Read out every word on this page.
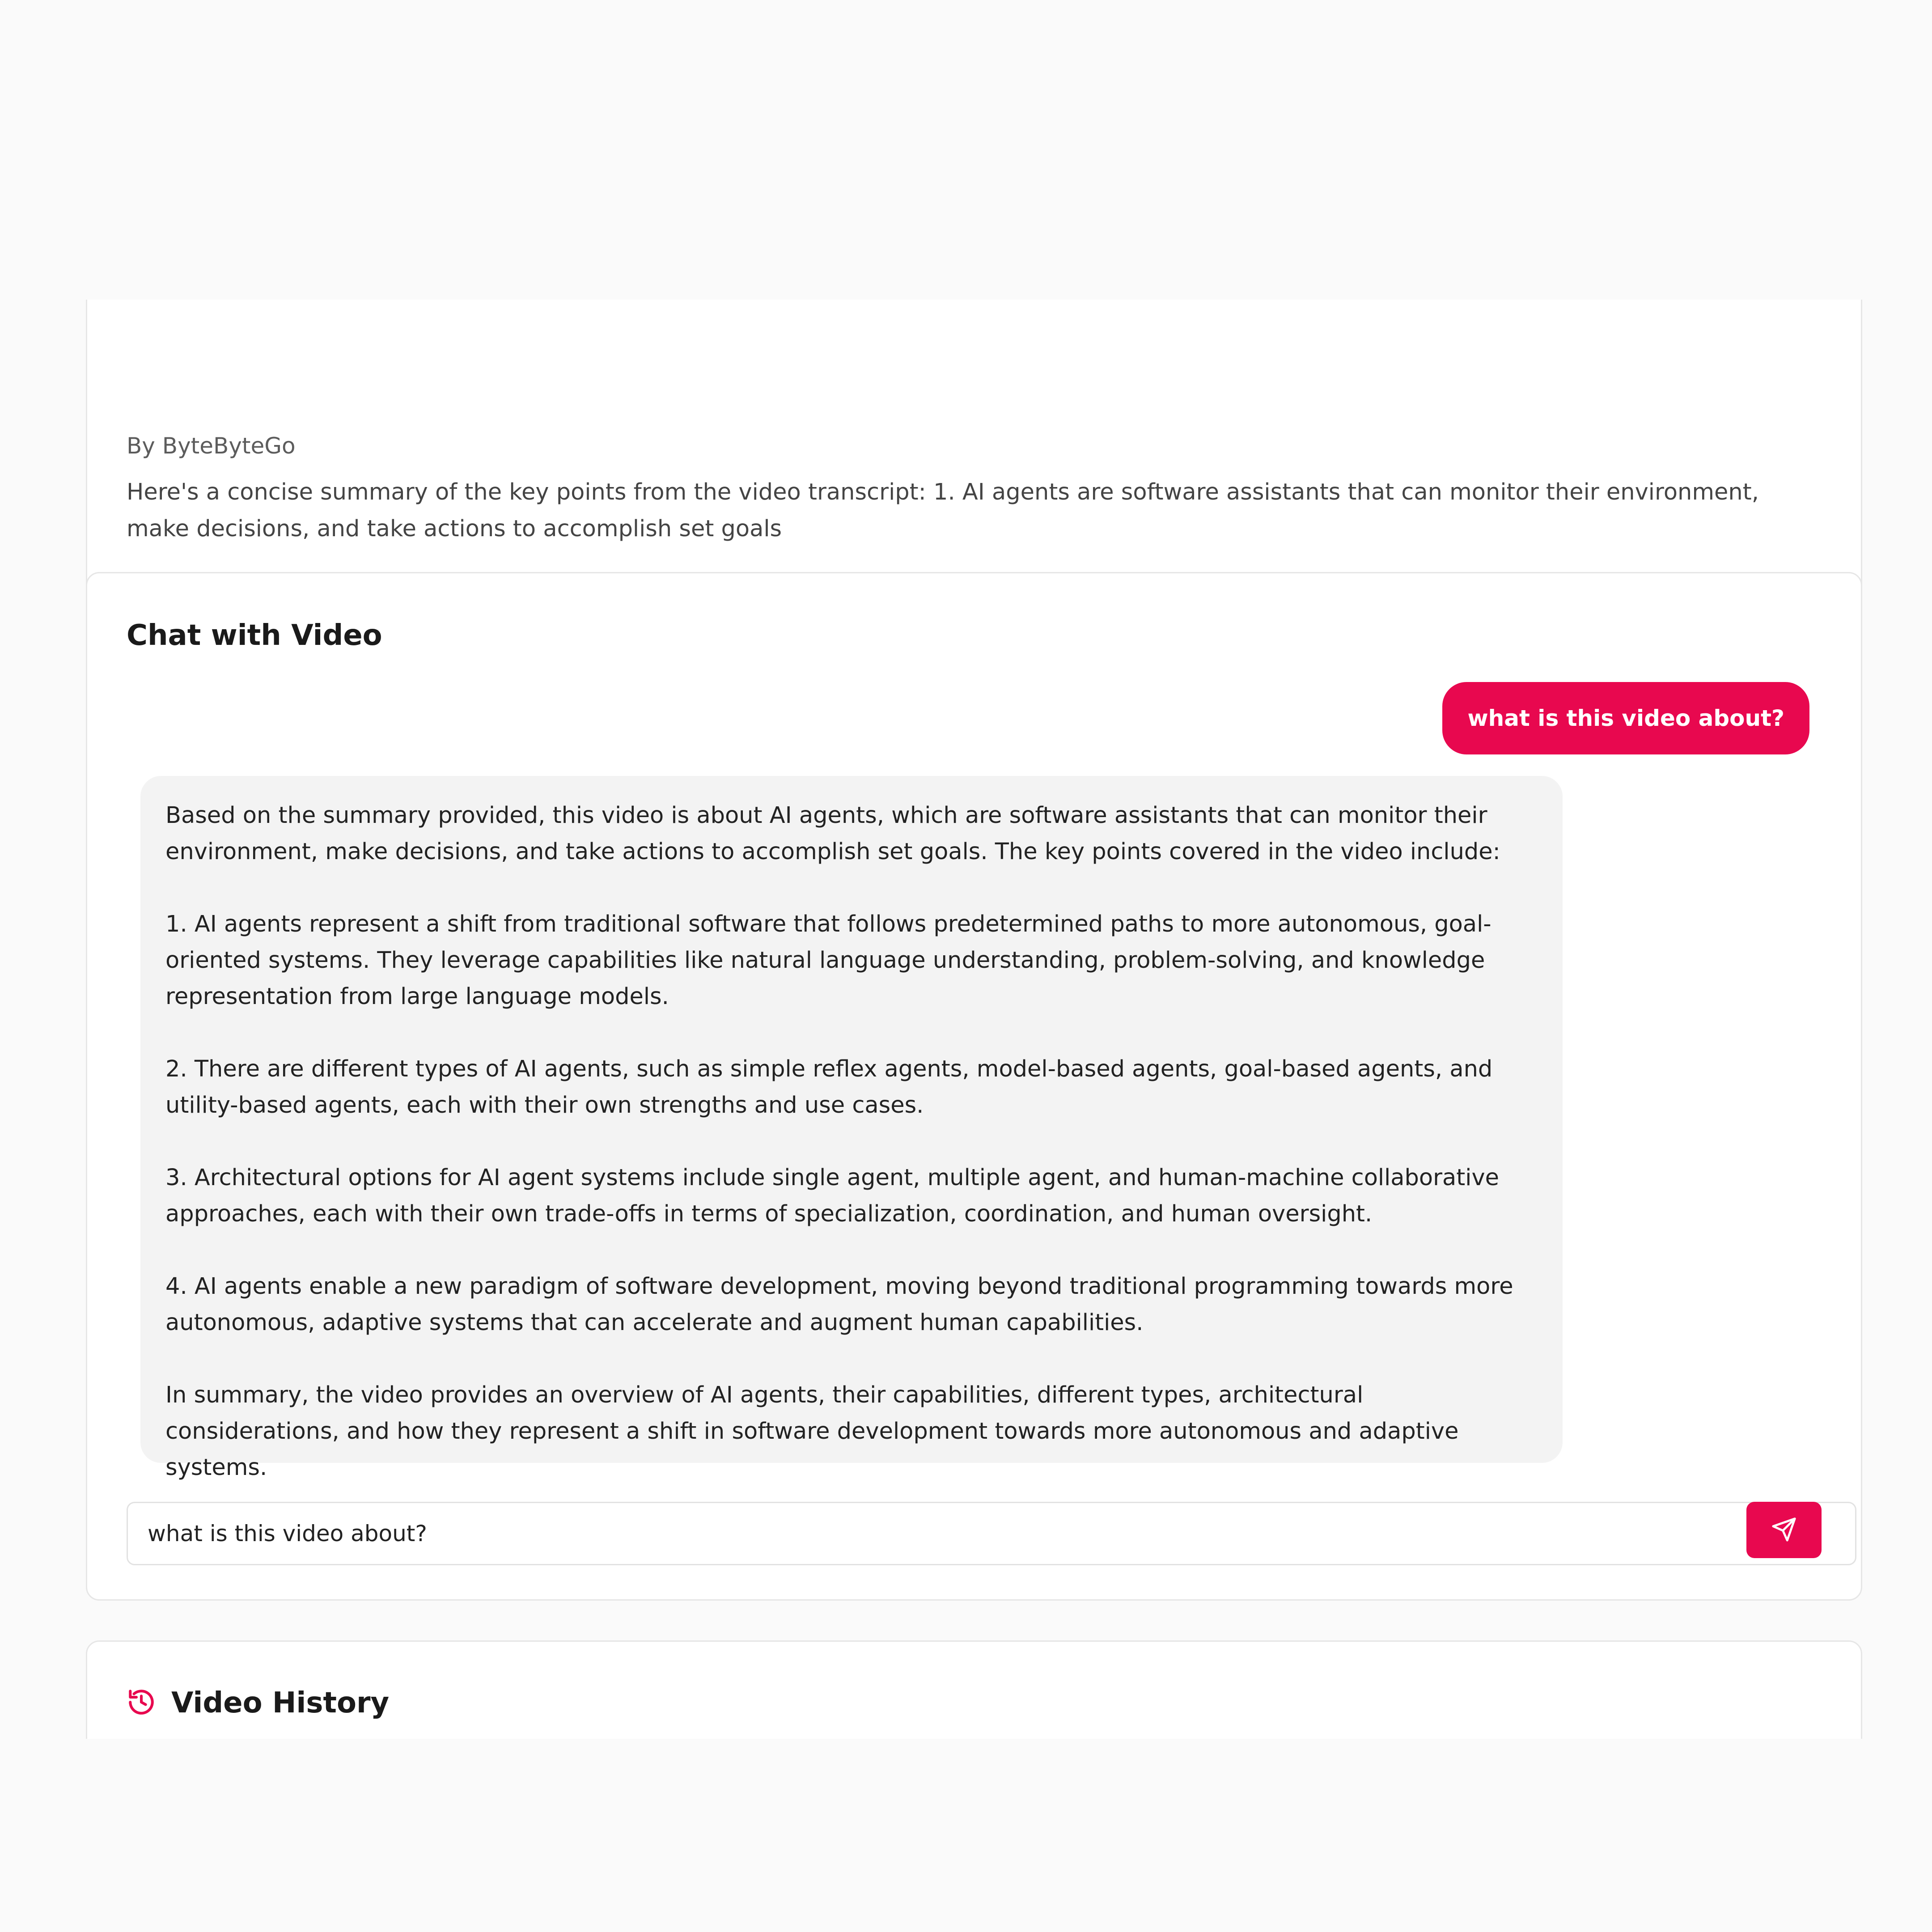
By ByteByteGo
Here's a concise summary of the key points from the video transcript: 1. AI agents are software assistants that can monitor their environment, make decisions, and take actions to accomplish set goals
Chat with Video
what is this video about?

Based on the summary provided, this video is about AI agents, which are software assistants that can monitor their environment, make decisions, and take actions to accomplish set goals. The key points covered in the video include:

1. AI agents represent a shift from traditional software that follows predetermined paths to more autonomous, goal-oriented systems. They leverage capabilities like natural language understanding, problem-solving, and knowledge representation from large language models.

2. There are different types of AI agents, such as simple reflex agents, model-based agents, goal-based agents, and utility-based agents, each with their own strengths and use cases.

3. Architectural options for AI agent systems include single agent, multiple agent, and human-machine collaborative approaches, each with their own trade-offs in terms of specialization, coordination, and human oversight.

4. AI agents enable a new paradigm of software development, moving beyond traditional programming towards more autonomous, adaptive systems that can accelerate and augment human capabilities.

In summary, the video provides an overview of AI agents, their capabilities, different types, architectural considerations, and how they represent a shift in software development towards more autonomous and adaptive systems.

what is this video about?
Video History
